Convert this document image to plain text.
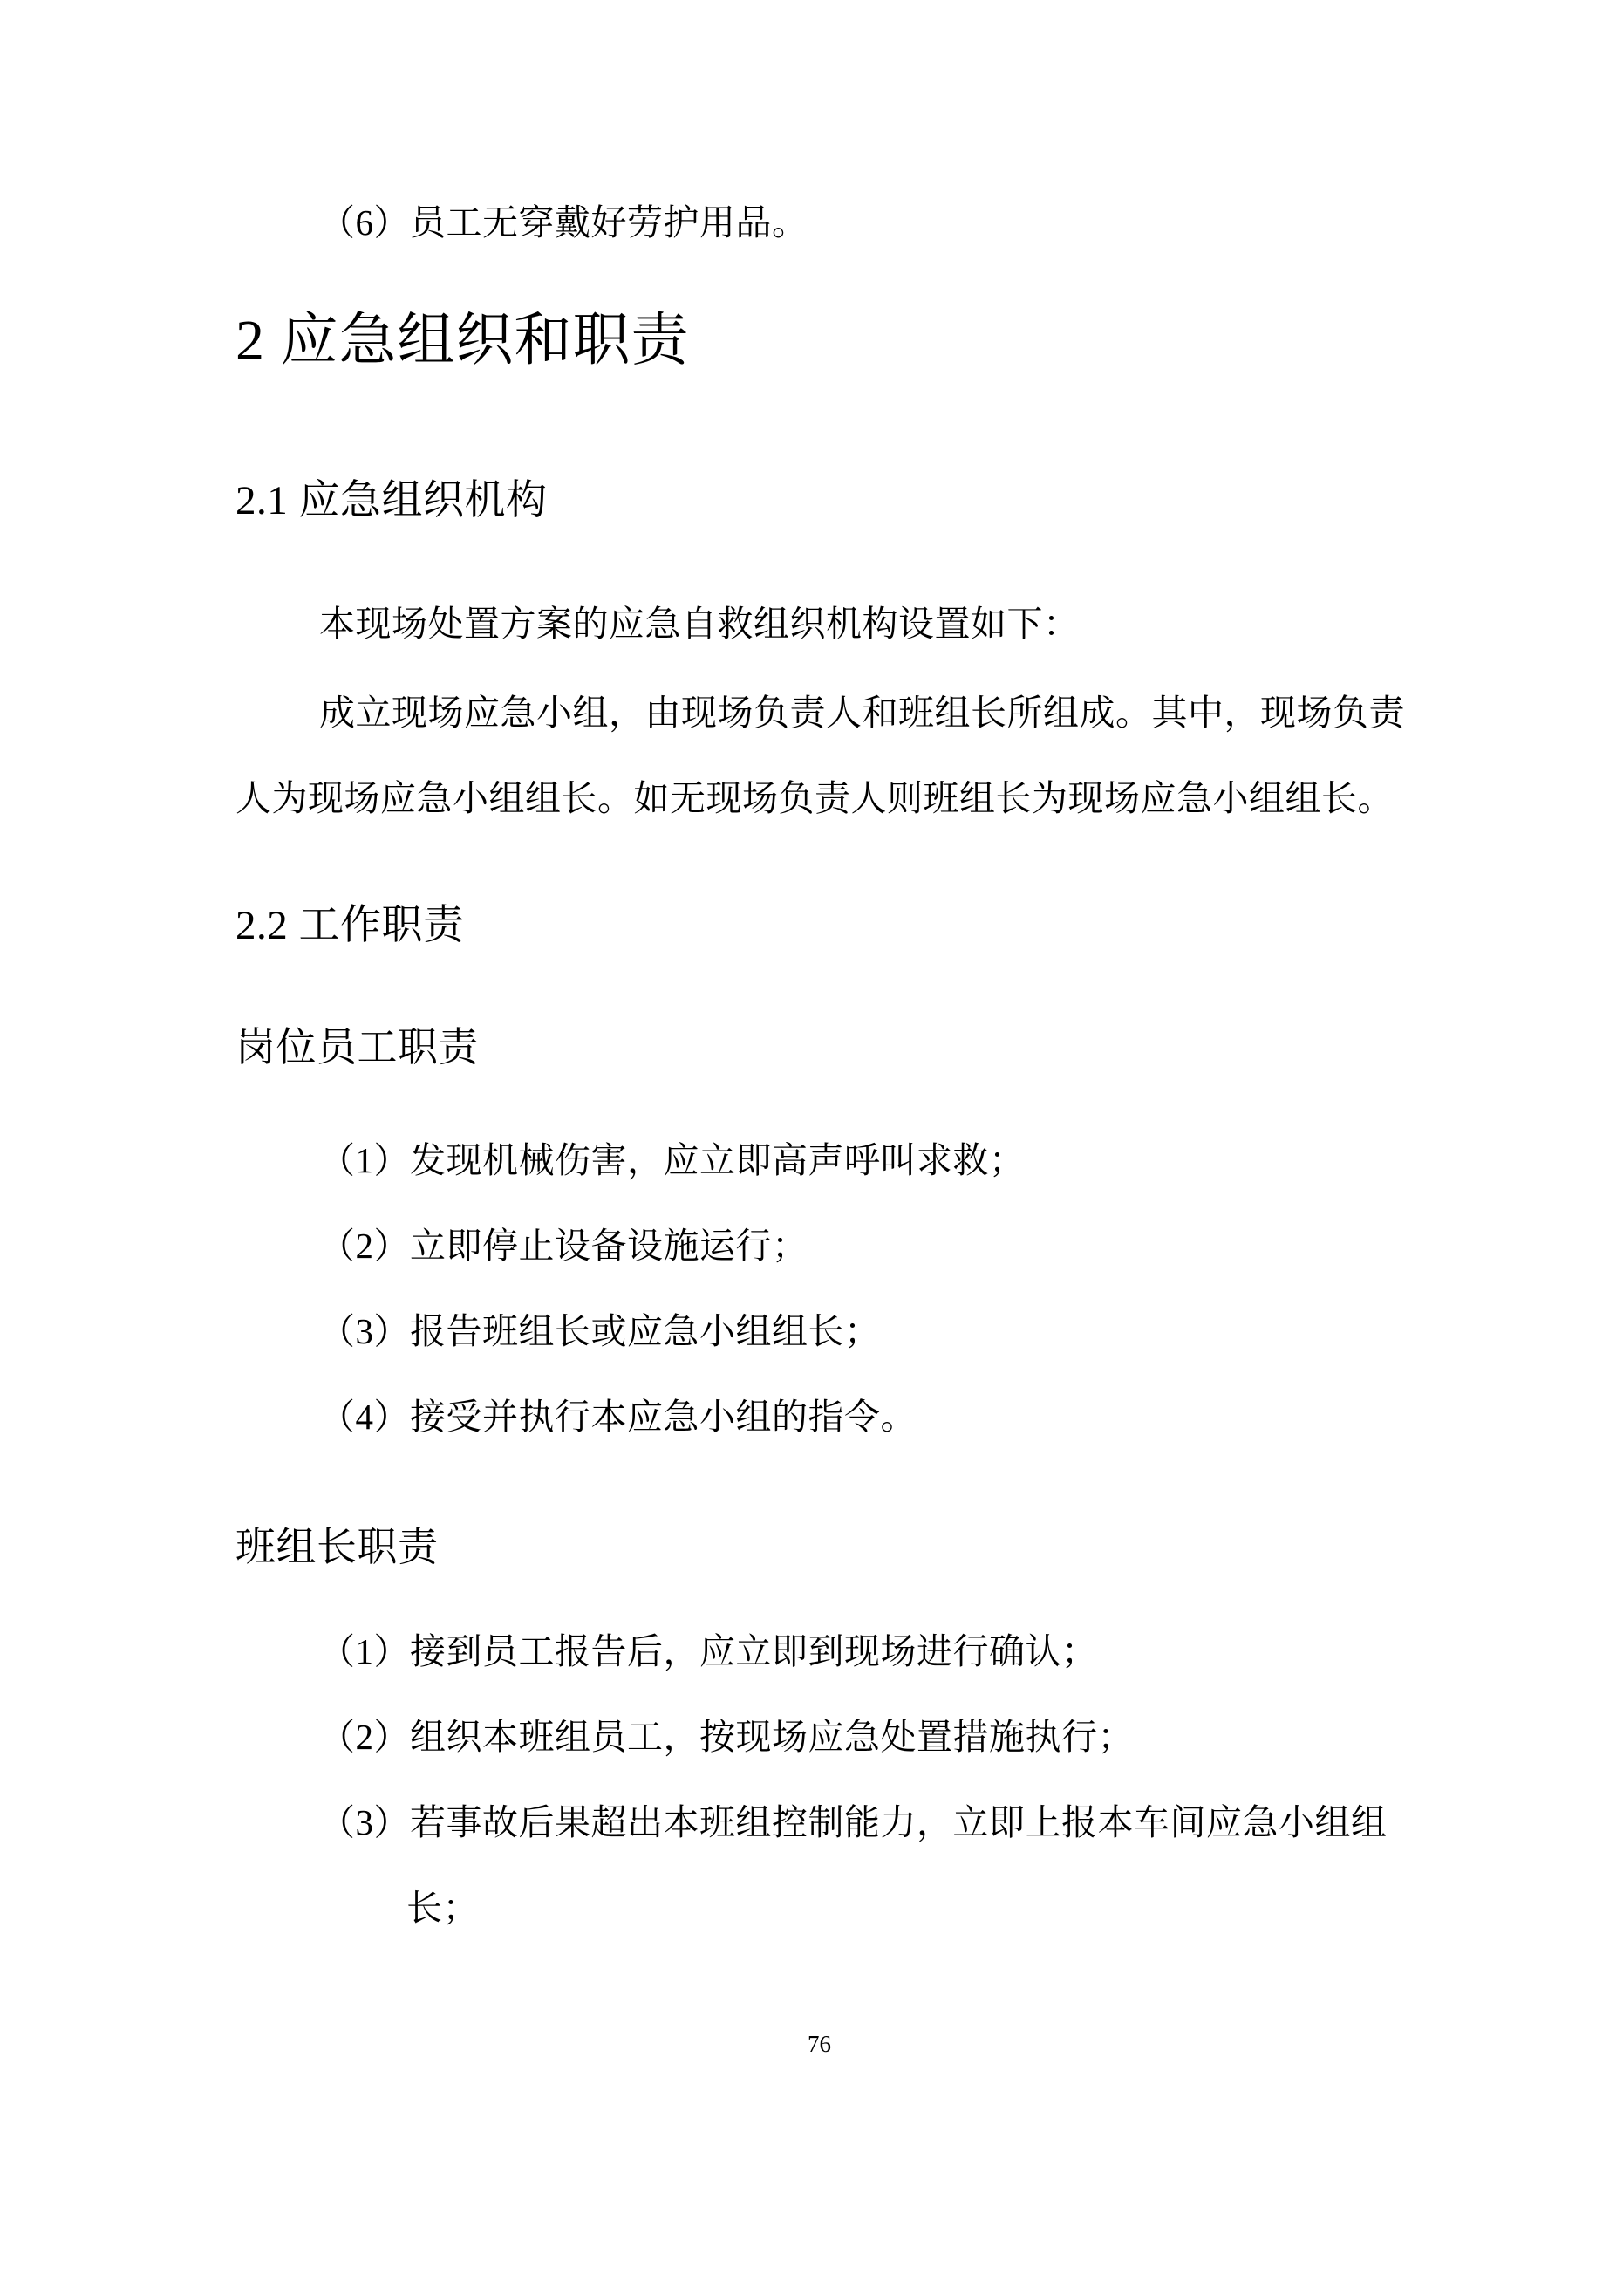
（6）员工无穿戴好劳护用品。
2 应急组织和职责
2.1 应急组织机构
本现场处置方案的应急自救组织机构设置如下：
成立现场应急小组，由现场负责人和班组长所组成。其中，现场负责
人为现场应急小组组长。如无现场负责人则班组长为现场应急小组组长。
2.2 工作职责
岗位员工职责
（1）发现机械伤害，应立即高声呼叫求救；
（2）立即停止设备设施运行；
（3）报告班组长或应急小组组长；
（4）接受并执行本应急小组的指令。
班组长职责
（1）接到员工报告后，应立即到现场进行确认；
（2）组织本班组员工，按现场应急处置措施执行；
（3）若事故后果超出本班组控制能力，立即上报本车间应急小组组
长；
76
